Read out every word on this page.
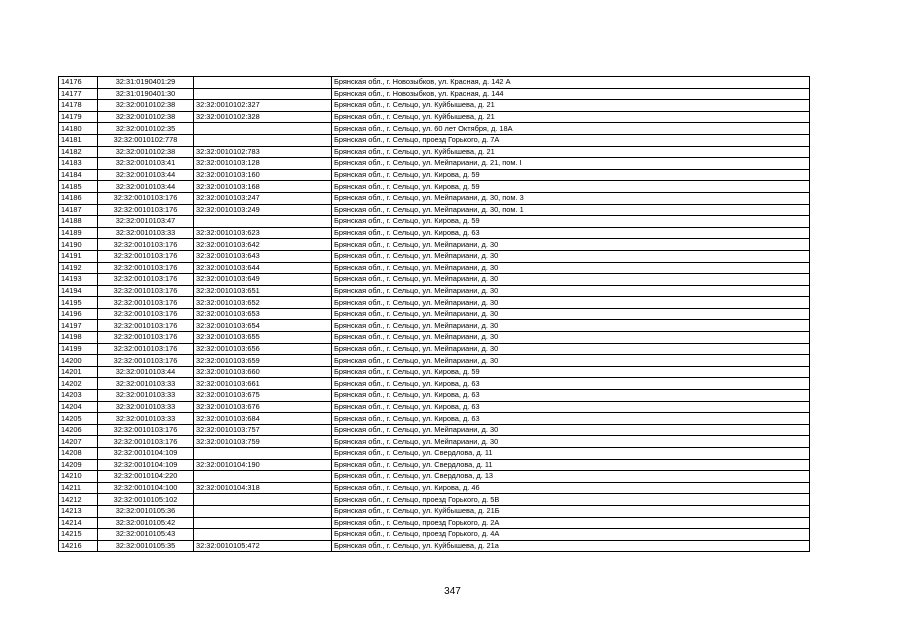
14176	32:31:0190401:29		Брянская обл., г. Новозыбков, ул. Красная, д. 142 А
14177	32:31:0190401:30		Брянская обл., г. Новозыбков, ул. Красная, д. 144
14178	32:32:0010102:38	32:32:0010102:327	Брянская обл., г. Сельцо, ул. Куйбышева, д. 21
14179	32:32:0010102:38	32:32:0010102:328	Брянская обл., г. Сельцо, ул. Куйбышева, д. 21
14180	32:32:0010102:35		Брянская обл., г. Сельцо, ул. 60 лет Октября, д. 18А
14181	32:32:0010102:778		Брянская обл., г. Сельцо, проезд Горького, д. 7А
14182	32:32:0010102:38	32:32:0010102:783	Брянская обл., г. Сельцо, ул. Куйбышева, д. 21
14183	32:32:0010103:41	32:32:0010103:128	Брянская обл., г. Сельцо, ул. Мейпариани, д. 21, пом. I
14184	32:32:0010103:44	32:32:0010103:160	Брянская обл., г. Сельцо, ул. Кирова, д. 59
14185	32:32:0010103:44	32:32:0010103:168	Брянская обл., г. Сельцо, ул. Кирова, д. 59
14186	32:32:0010103:176	32:32:0010103:247	Брянская обл., г. Сельцо, ул. Мейпариани, д. 30, пом. 3
14187	32:32:0010103:176	32:32:0010103:249	Брянская обл., г. Сельцо, ул. Мейпариани, д. 30, пом. 1
14188	32:32:0010103:47		Брянская обл., г. Сельцо, ул. Кирова, д. 59
14189	32:32:0010103:33	32:32:0010103:623	Брянская обл., г. Сельцо, ул. Кирова, д. 63
14190	32:32:0010103:176	32:32:0010103:642	Брянская обл., г. Сельцо, ул. Мейпариани, д. 30
14191	32:32:0010103:176	32:32:0010103:643	Брянская обл., г. Сельцо, ул. Мейпариани, д. 30
14192	32:32:0010103:176	32:32:0010103:644	Брянская обл., г. Сельцо, ул. Мейпариани, д. 30
14193	32:32:0010103:176	32:32:0010103:649	Брянская обл., г. Сельцо, ул. Мейпариани, д. 30
14194	32:32:0010103:176	32:32:0010103:651	Брянская обл., г. Сельцо, ул. Мейпариани, д. 30
14195	32:32:0010103:176	32:32:0010103:652	Брянская обл., г. Сельцо, ул. Мейпариани, д. 30
14196	32:32:0010103:176	32:32:0010103:653	Брянская обл., г. Сельцо, ул. Мейпариани, д. 30
14197	32:32:0010103:176	32:32:0010103:654	Брянская обл., г. Сельцо, ул. Мейпариани, д. 30
14198	32:32:0010103:176	32:32:0010103:655	Брянская обл., г. Сельцо, ул. Мейпариани, д. 30
14199	32:32:0010103:176	32:32:0010103:656	Брянская обл., г. Сельцо, ул. Мейпариани, д. 30
14200	32:32:0010103:176	32:32:0010103:659	Брянская обл., г. Сельцо, ул. Мейпариани, д. 30
14201	32:32:0010103:44	32:32:0010103:660	Брянская обл., г. Сельцо, ул. Кирова, д. 59
14202	32:32:0010103:33	32:32:0010103:661	Брянская обл., г. Сельцо, ул. Кирова, д. 63
14203	32:32:0010103:33	32:32:0010103:675	Брянская обл., г. Сельцо, ул. Кирова, д. 63
14204	32:32:0010103:33	32:32:0010103:676	Брянская обл., г. Сельцо, ул. Кирова, д. 63
14205	32:32:0010103:33	32:32:0010103:684	Брянская обл., г. Сельцо, ул. Кирова, д. 63
14206	32:32:0010103:176	32:32:0010103:757	Брянская обл., г. Сельцо, ул. Мейпариани, д. 30
14207	32:32:0010103:176	32:32:0010103:759	Брянская обл., г. Сельцо, ул. Мейпариани, д. 30
14208	32:32:0010104:109		Брянская обл., г. Сельцо, ул. Свердлова, д. 11
14209	32:32:0010104:109	32:32:0010104:190	Брянская обл., г. Сельцо, ул. Свердлова, д. 11
14210	32:32:0010104:220		Брянская обл., г. Сельцо, ул. Свердлова, д. 13
14211	32:32:0010104:100	32:32:0010104:318	Брянская обл., г. Сельцо, ул. Кирова, д. 46
14212	32:32:0010105:102		Брянская обл., г. Сельцо, проезд Горького, д. 5В
14213	32:32:0010105:36		Брянская обл., г. Сельцо, ул. Куйбышева, д. 21Б
14214	32:32:0010105:42		Брянская обл., г. Сельцо, проезд Горького, д. 2А
14215	32:32:0010105:43		Брянская обл., г. Сельцо, проезд Горького, д. 4А
14216	32:32:0010105:35	32:32:0010105:472	Брянская обл., г. Сельцо, ул. Куйбышева, д. 21а
347
